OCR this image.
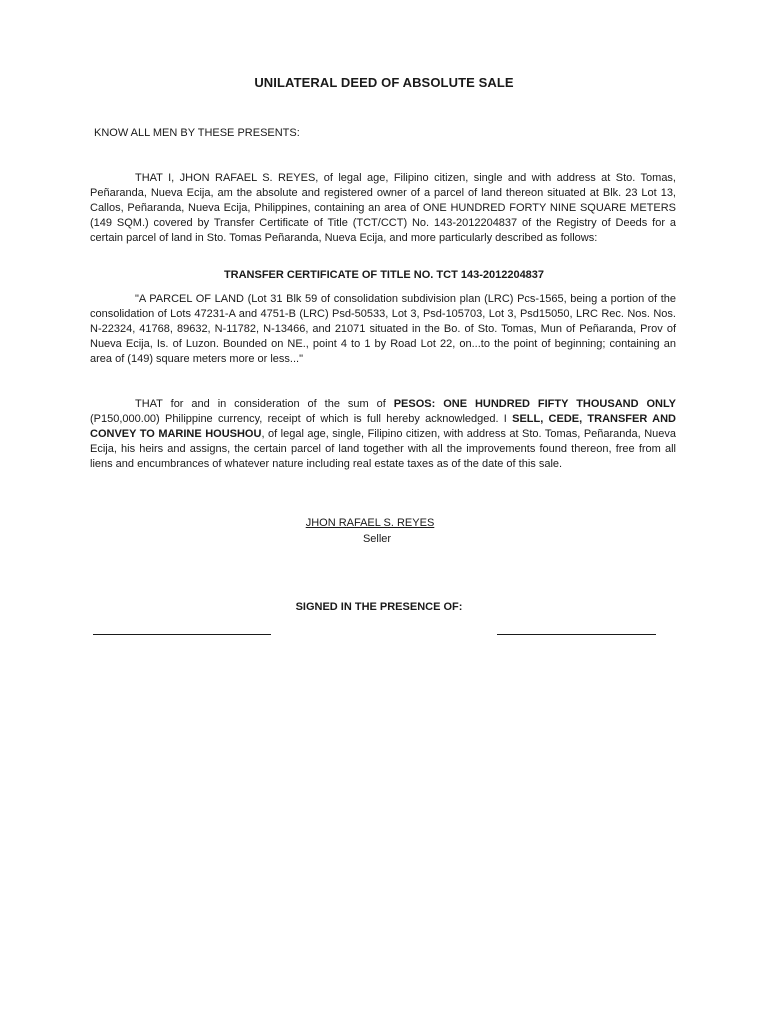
UNILATERAL DEED OF ABSOLUTE SALE
KNOW ALL MEN BY THESE PRESENTS:

THAT I, JHON RAFAEL S. REYES, of legal age, Filipino citizen, single and with address at Sto. Tomas, Peñaranda, Nueva Ecija, am the absolute and registered owner of a parcel of land thereon situated at Blk. 23 Lot 13, Callos, Peñaranda, Nueva Ecija, Philippines, containing an area of ONE HUNDRED FORTY NINE SQUARE METERS (149 SQM.) covered by Transfer Certificate of Title (TCT/CCT) No. 143-2012204837 of the Registry of Deeds for a certain parcel of land in Sto. Tomas Peñaranda, Nueva Ecija, and more particularly described as follows:

TRANSFER CERTIFICATE OF TITLE NO. TCT 143-2012204837

"A PARCEL OF LAND (Lot 31 Blk 59 of consolidation subdivision plan (LRC) Pcs-1565, being a portion of the consolidation of Lots 47231-A and 4751-B (LRC) Psd-50533, Lot 3, Psd-105703, Lot 3, Psd15050, LRC Rec. Nos. Nos. N-22324, 41768, 89632, N-11782, N-13466, and 21071 situated in the Bo. of Sto. Tomas, Mun of Peñaranda, Prov of Nueva Ecija, Is. of Luzon. Bounded on NE., point 4 to 1 by Road Lot 22, on...to the point of beginning; containing an area of (149) square meters more or less..."

THAT for and in consideration of the sum of PESOS: ONE HUNDRED FIFTY THOUSAND ONLY (P150,000.00) Philippine currency, receipt of which is full hereby acknowledged. I SELL, CEDE, TRANSFER AND CONVEY TO MARINE HOUSHOU, of legal age, single, Filipino citizen, with address at Sto. Tomas, Peñaranda, Nueva Ecija, his heirs and assigns, the certain parcel of land together with all the improvements found thereon, free from all liens and encumbrances of whatever nature including real estate taxes as of the date of this sale.

JHON RAFAEL S. REYES
Seller
SIGNED IN THE PRESENCE OF:
